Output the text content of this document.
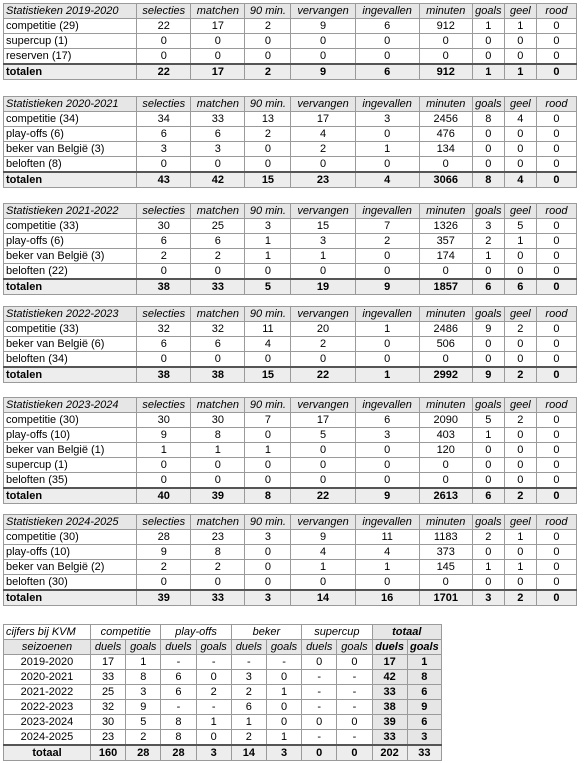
Statistieken 2019-2020	selecties	matchen	90 min.	vervangen	ingevallen	minuten	goals	geel	rood
competitie (29)	22	17	2	9	6	912	1	1	0
supercup (1)	0	0	0	0	0	0	0	0	0
reserven (17)	0	0	0	0	0	0	0	0	0
totalen	22	17	2	9	6	912	1	1	0
Statistieken 2020-2021	selecties	matchen	90 min.	vervangen	ingevallen	minuten	goals	geel	rood
competitie (34)	34	33	13	17	3	2456	8	4	0
play-offs (6)	6	6	2	4	0	476	0	0	0
beker van België (3)	3	3	0	2	1	134	0	0	0
beloften (8)	0	0	0	0	0	0	0	0	0
totalen	43	42	15	23	4	3066	8	4	0
Statistieken 2021-2022	selecties	matchen	90 min.	vervangen	ingevallen	minuten	goals	geel	rood
competitie (33)	30	25	3	15	7	1326	3	5	0
play-offs (6)	6	6	1	3	2	357	2	1	0
beker van België (3)	2	2	1	1	0	174	1	0	0
beloften (22)	0	0	0	0	0	0	0	0	0
totalen	38	33	5	19	9	1857	6	6	0
Statistieken 2022-2023	selecties	matchen	90 min.	vervangen	ingevallen	minuten	goals	geel	rood
competitie (33)	32	32	11	20	1	2486	9	2	0
beker van België (6)	6	6	4	2	0	506	0	0	0
beloften (34)	0	0	0	0	0	0	0	0	0
totalen	38	38	15	22	1	2992	9	2	0
Statistieken 2023-2024	selecties	matchen	90 min.	vervangen	ingevallen	minuten	goals	geel	rood
competitie (30)	30	30	7	17	6	2090	5	2	0
play-offs (10)	9	8	0	5	3	403	1	0	0
beker van België (1)	1	1	1	0	0	120	0	0	0
supercup (1)	0	0	0	0	0	0	0	0	0
beloften (35)	0	0	0	0	0	0	0	0	0
totalen	40	39	8	22	9	2613	6	2	0
Statistieken 2024-2025	selecties	matchen	90 min.	vervangen	ingevallen	minuten	goals	geel	rood
competitie (30)	28	23	3	9	11	1183	2	1	0
play-offs (10)	9	8	0	4	4	373	0	0	0
beker van België (2)	2	2	0	1	1	145	1	1	0
beloften (30)	0	0	0	0	0	0	0	0	0
totalen	39	33	3	14	16	1701	3	2	0
cijfers bij KVM	competitie		play-offs		beker		supercup		totaal	
seizoenen	duels	goals	duels	goals	duels	goals	duels	goals	duels	goals
2019-2020	17	1	-	-	-	-	0	0	17	1
2020-2021	33	8	6	0	3	0	-	-	42	8
2021-2022	25	3	6	2	2	1	-	-	33	6
2022-2023	32	9	-	-	6	0	-	-	38	9
2023-2024	30	5	8	1	1	0	0	0	39	6
2024-2025	23	2	8	0	2	1	-	-	33	3
totaal	160	28	28	3	14	3	0	0	202	33
